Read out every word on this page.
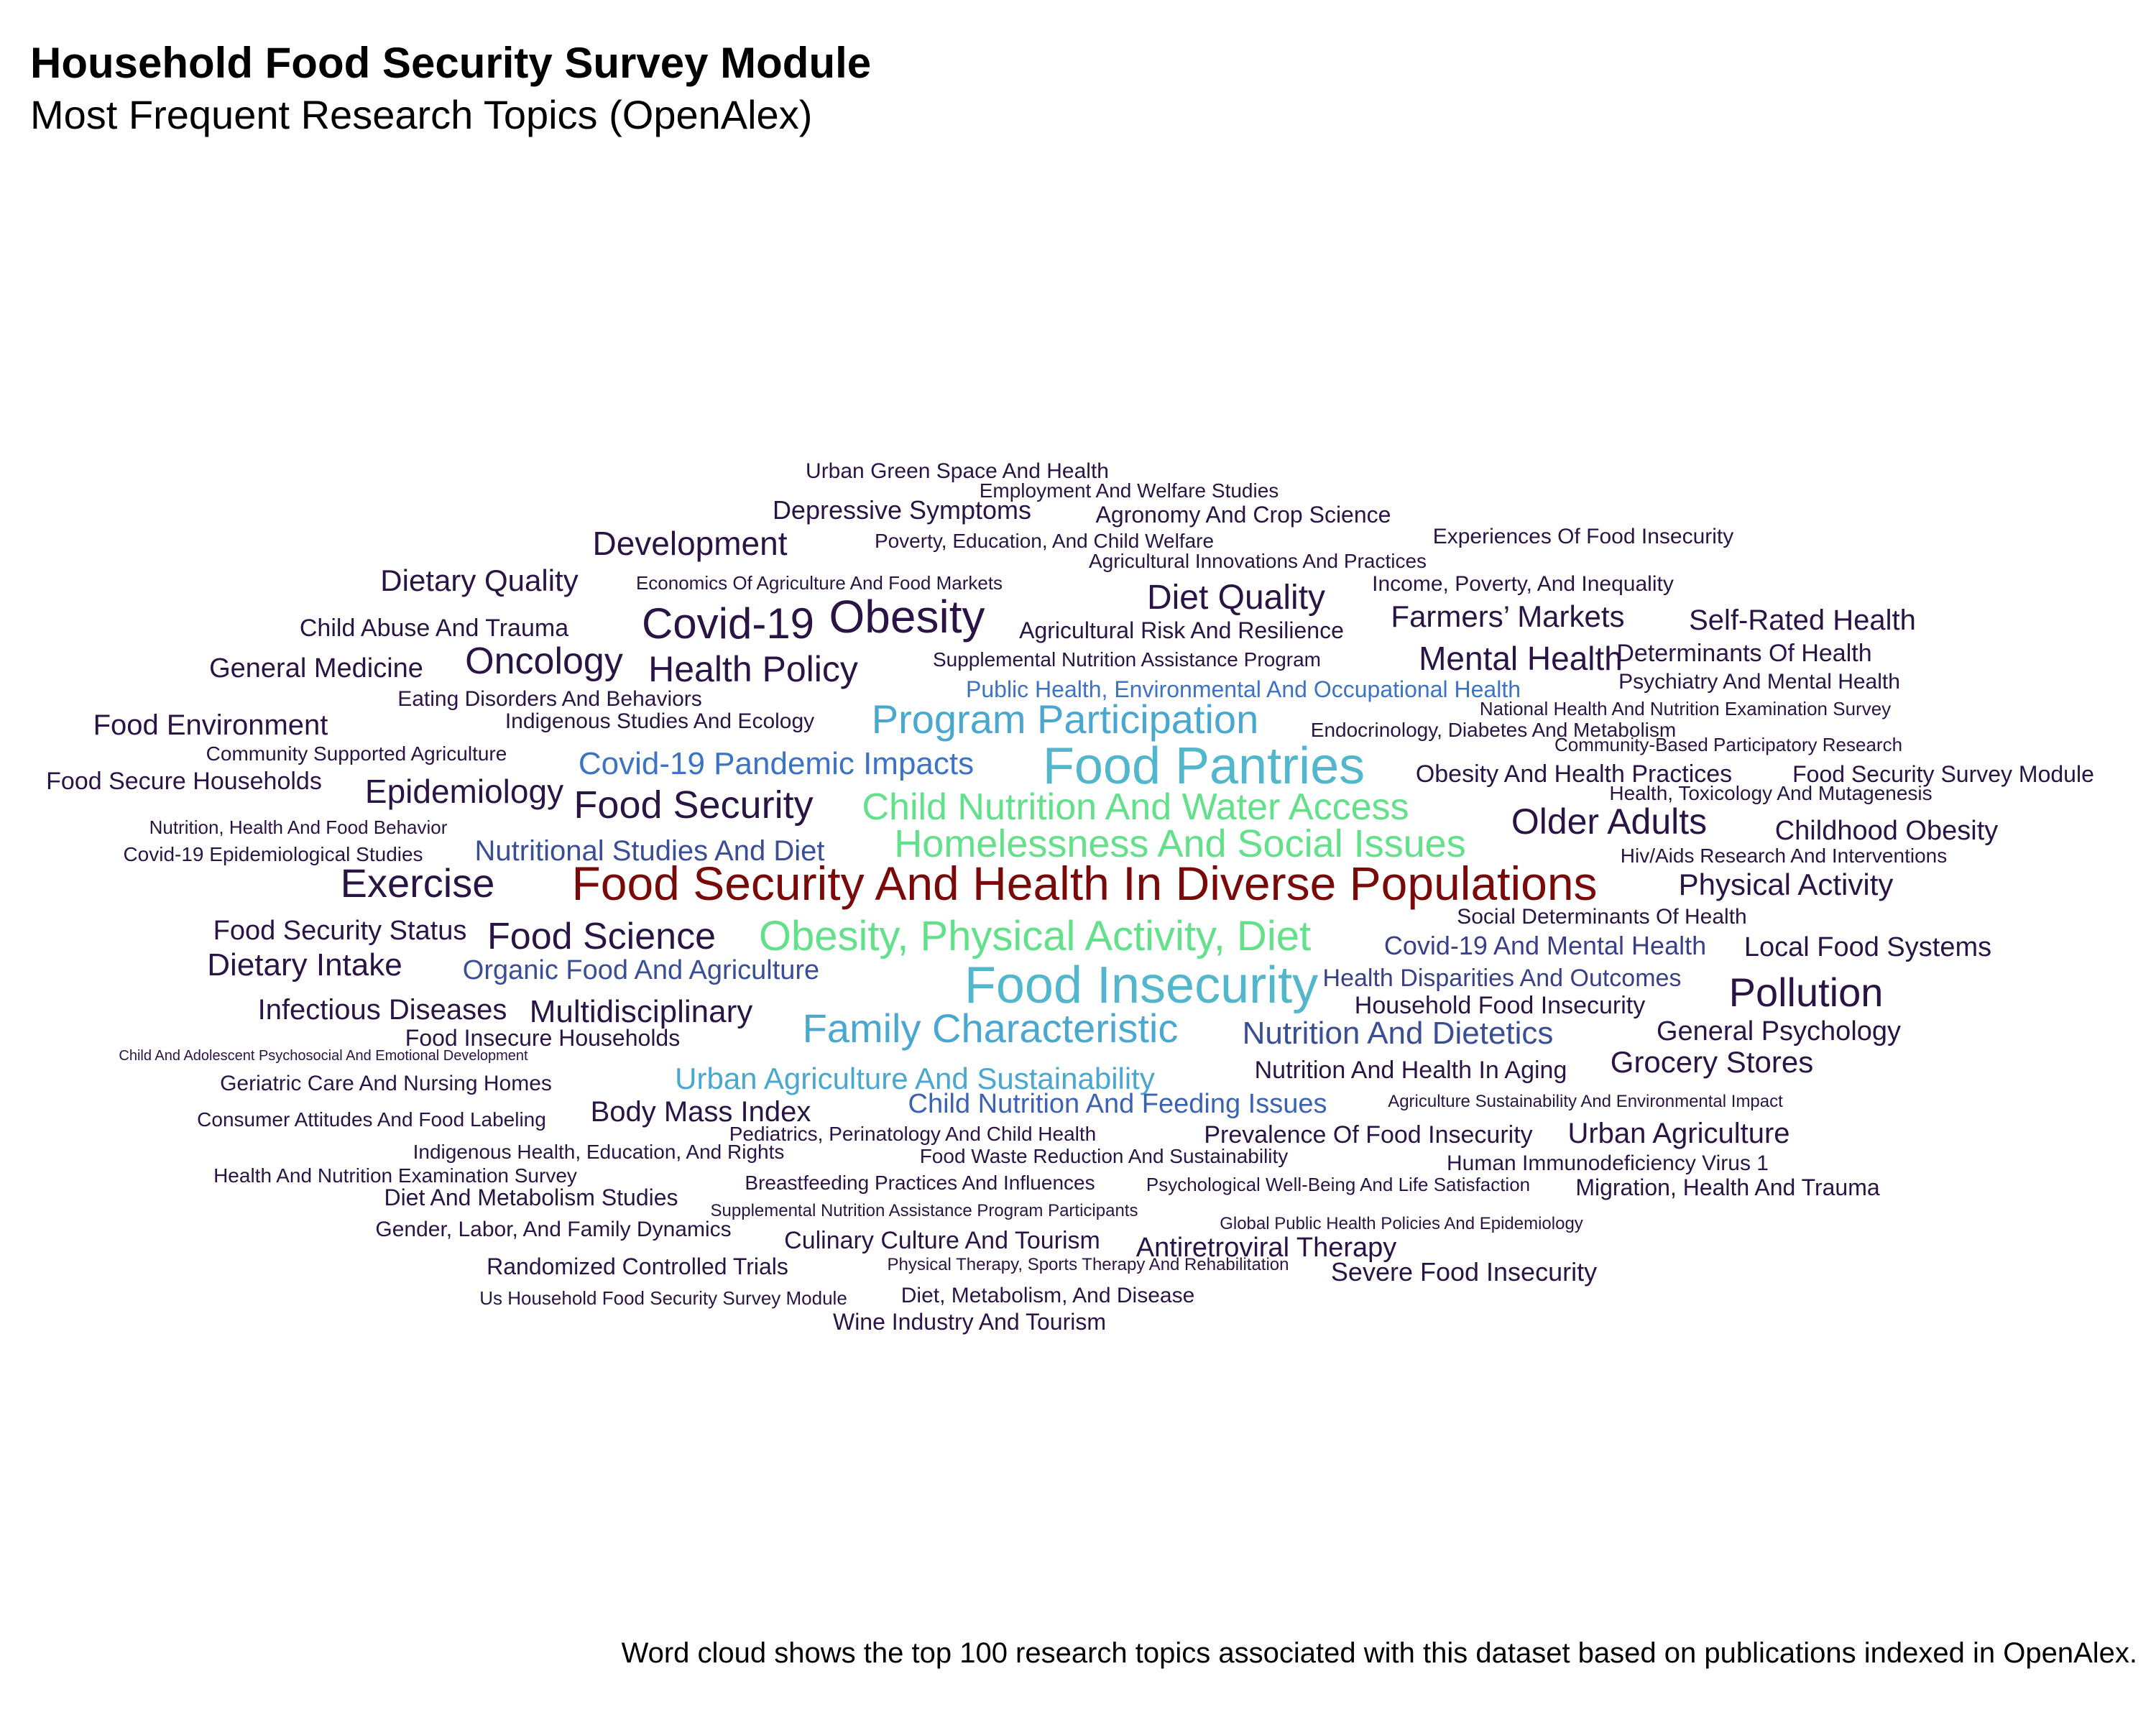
Household Food Security Survey Module
Most Frequent Research Topics (OpenAlex)
Food Security And Health In Diverse Populations
Food Pantries
Food Insecurity
Obesity, Physical Activity, Diet
Homelessness And Social Issues
Child Nutrition And Water Access
Program Participation
Family Characteristic
Urban Agriculture And Sustainability
Covid-19 Pandemic Impacts
Public Health, Environmental And Occupational Health
Child Nutrition And Feeding Issues
Nutritional Studies And Diet
Organic Food And Agriculture
Nutrition And Dietetics
Obesity
Covid-19
Exercise
Pollution
Food Security
Food Science
Older Adults
Oncology Health Policy	Mental Health
Diet Quality
Development
Epidemiology
Multidisciplinary
Dietary Intake
Dietary Quality
Farmers’ Markets
Physical Activity
Grocery Stores
Urban Agriculture
Body Mass Index
Food Environment
Infectious Diseases
Self-Rated Health
Childhood Obesity
Local Food Systems
General Psychology
Antiretroviral Therapy
General Medicine
Depressive Symptoms
Food Security Status	Covid-19 And Mental Health
Health Disparities And Outcomes
Household Food Insecurity
Severe Food Insecurity
Agronomy And Crop Science
Child Abuse And Trauma
Prevalence Of Food Insecurity
Nutrition And Health In Aging
Culinary Culture And Tourism
Randomized Controlled Trials
Food Insecure Households
Obesity And Health Practices	Food Security Survey Module
Food Secure Households
Agricultural Risk And Resilience
Determinants Of Health
Wine Industry And Tourism
Diet, Metabolism, And Disease
Income, Poverty, And Inequality
Experiences Of Food Insecurity
Human Immunodeficiency Virus 1
Migration, Health And Trauma
Psychiatry And Mental Health
Social Determinants Of Health
Hiv/Aids Research And Interventions
Diet And Metabolism Studies
Indigenous Studies And Ecology
Eating Disorders And Behaviors
Supplemental Nutrition Assistance Program
Urban Green Space And Health
Employment And Welfare Studies
Poverty, Education, And Child Welfare
Agricultural Innovations And Practices
Economics Of Agriculture And Food Markets
Community Supported Agriculture
Nutrition, Health And Food Behavior
Covid-19 Epidemiological Studies
Geriatric Care And Nursing Homes
Consumer Attitudes And Food Labeling
Indigenous Health, Education, And Rights
Health And Nutrition Examination Survey
Gender, Labor, And Family Dynamics
Us Household Food Security Survey Module
Pediatrics, Perinatology And Child Health
Food Waste Reduction And Sustainability
Breastfeeding Practices And Influences	Psychological Well-Being And Life Satisfaction
Supplemental Nutrition Assistance Program Participants
Global Public Health Policies And Epidemiology
Physical Therapy, Sports Therapy And Rehabilitation
Agriculture Sustainability And Environmental Impact
National Health And Nutrition Examination Survey
Endocrinology, Diabetes And Metabolism
Community-Based Participatory Research
Health, Toxicology And Mutagenesis
Child And Adolescent Psychosocial And Emotional Development
Word cloud shows the top 100 research topics associated with this dataset based on publications indexed in OpenAlex.
